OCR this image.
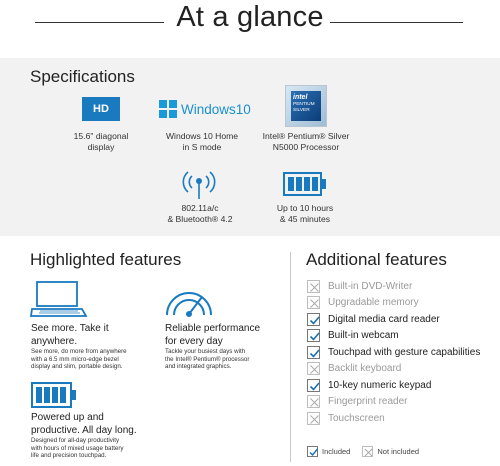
At a glance
Specifications
HD
15.6" diagonal
display
Windows10
Windows 10 Home
in S mode
intel
PENTIUM
SILVER
Intel® Pentium® Silver
N5000 Processor
802.11a/c
& Bluetooth® 4.2
Up to 10 hours
& 45 minutes
Highlighted features
See more. Take it
anywhere.
See more, do more from anywhere
with a 6.5 mm micro-edge bezel
display and slim, portable design.
Reliable performance
for every day
Tackle your busiest days with
the Intel® Pentium® processor
and integrated graphics.
Powered up and
productive. All day long.
Designed for all-day productivity
with hours of mixed usage battery
life and precision touchpad.
Additional features
Built-in DVD-Writer
Upgradable memory
Digital media card reader
Built-in webcam
Touchpad with gesture capabilities
Backlit keyboard
10-key numeric keypad
Fingerprint reader
Touchscreen
Included	Not included
